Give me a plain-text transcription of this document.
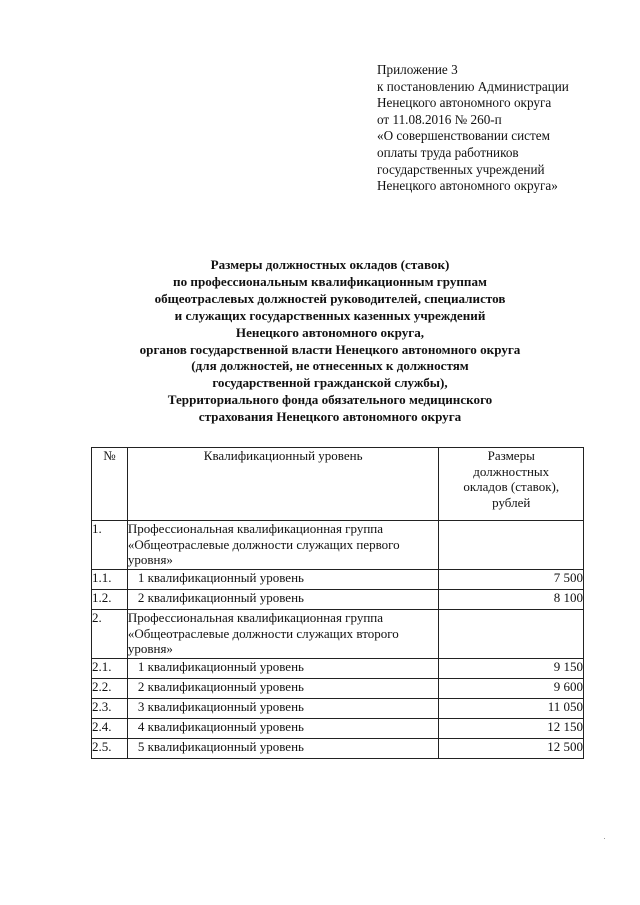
Приложение 3
к постановлению Администрации
Ненецкого автономного округа
от 11.08.2016 № 260-п
«О совершенствовании систем
оплаты труда работников
государственных учреждений
Ненецкого автономного округа»
Размеры должностных окладов (ставок)
по профессиональным квалификационным группам
общеотраслевых должностей руководителей, специалистов
и служащих государственных казенных учреждений
Ненецкого автономного округа,
органов государственной власти Ненецкого автономного округа
(для должностей, не отнесенных к должностям
государственной гражданской службы),
Территориального фонда обязательного медицинского
страхования Ненецкого автономного округа
№	Квалификационный уровень	Размеры
должностных
окладов (ставок),
рублей

1.	Профессиональная квалификационная группа
«Общеотраслевые должности служащих первого
уровня»	

1.1.	1 квалификационный уровень	7 500
1.2.	2 квалификационный уровень	8 100
2.	Профессиональная квалификационная группа
«Общеотраслевые должности служащих второго
уровня»	

2.1.	1 квалификационный уровень	9 150
2.2.	2 квалификационный уровень	9 600
2.3.	3 квалификационный уровень	11 050
2.4.	4 квалификационный уровень	12 150
2.5.	5 квалификационный уровень	12 500
